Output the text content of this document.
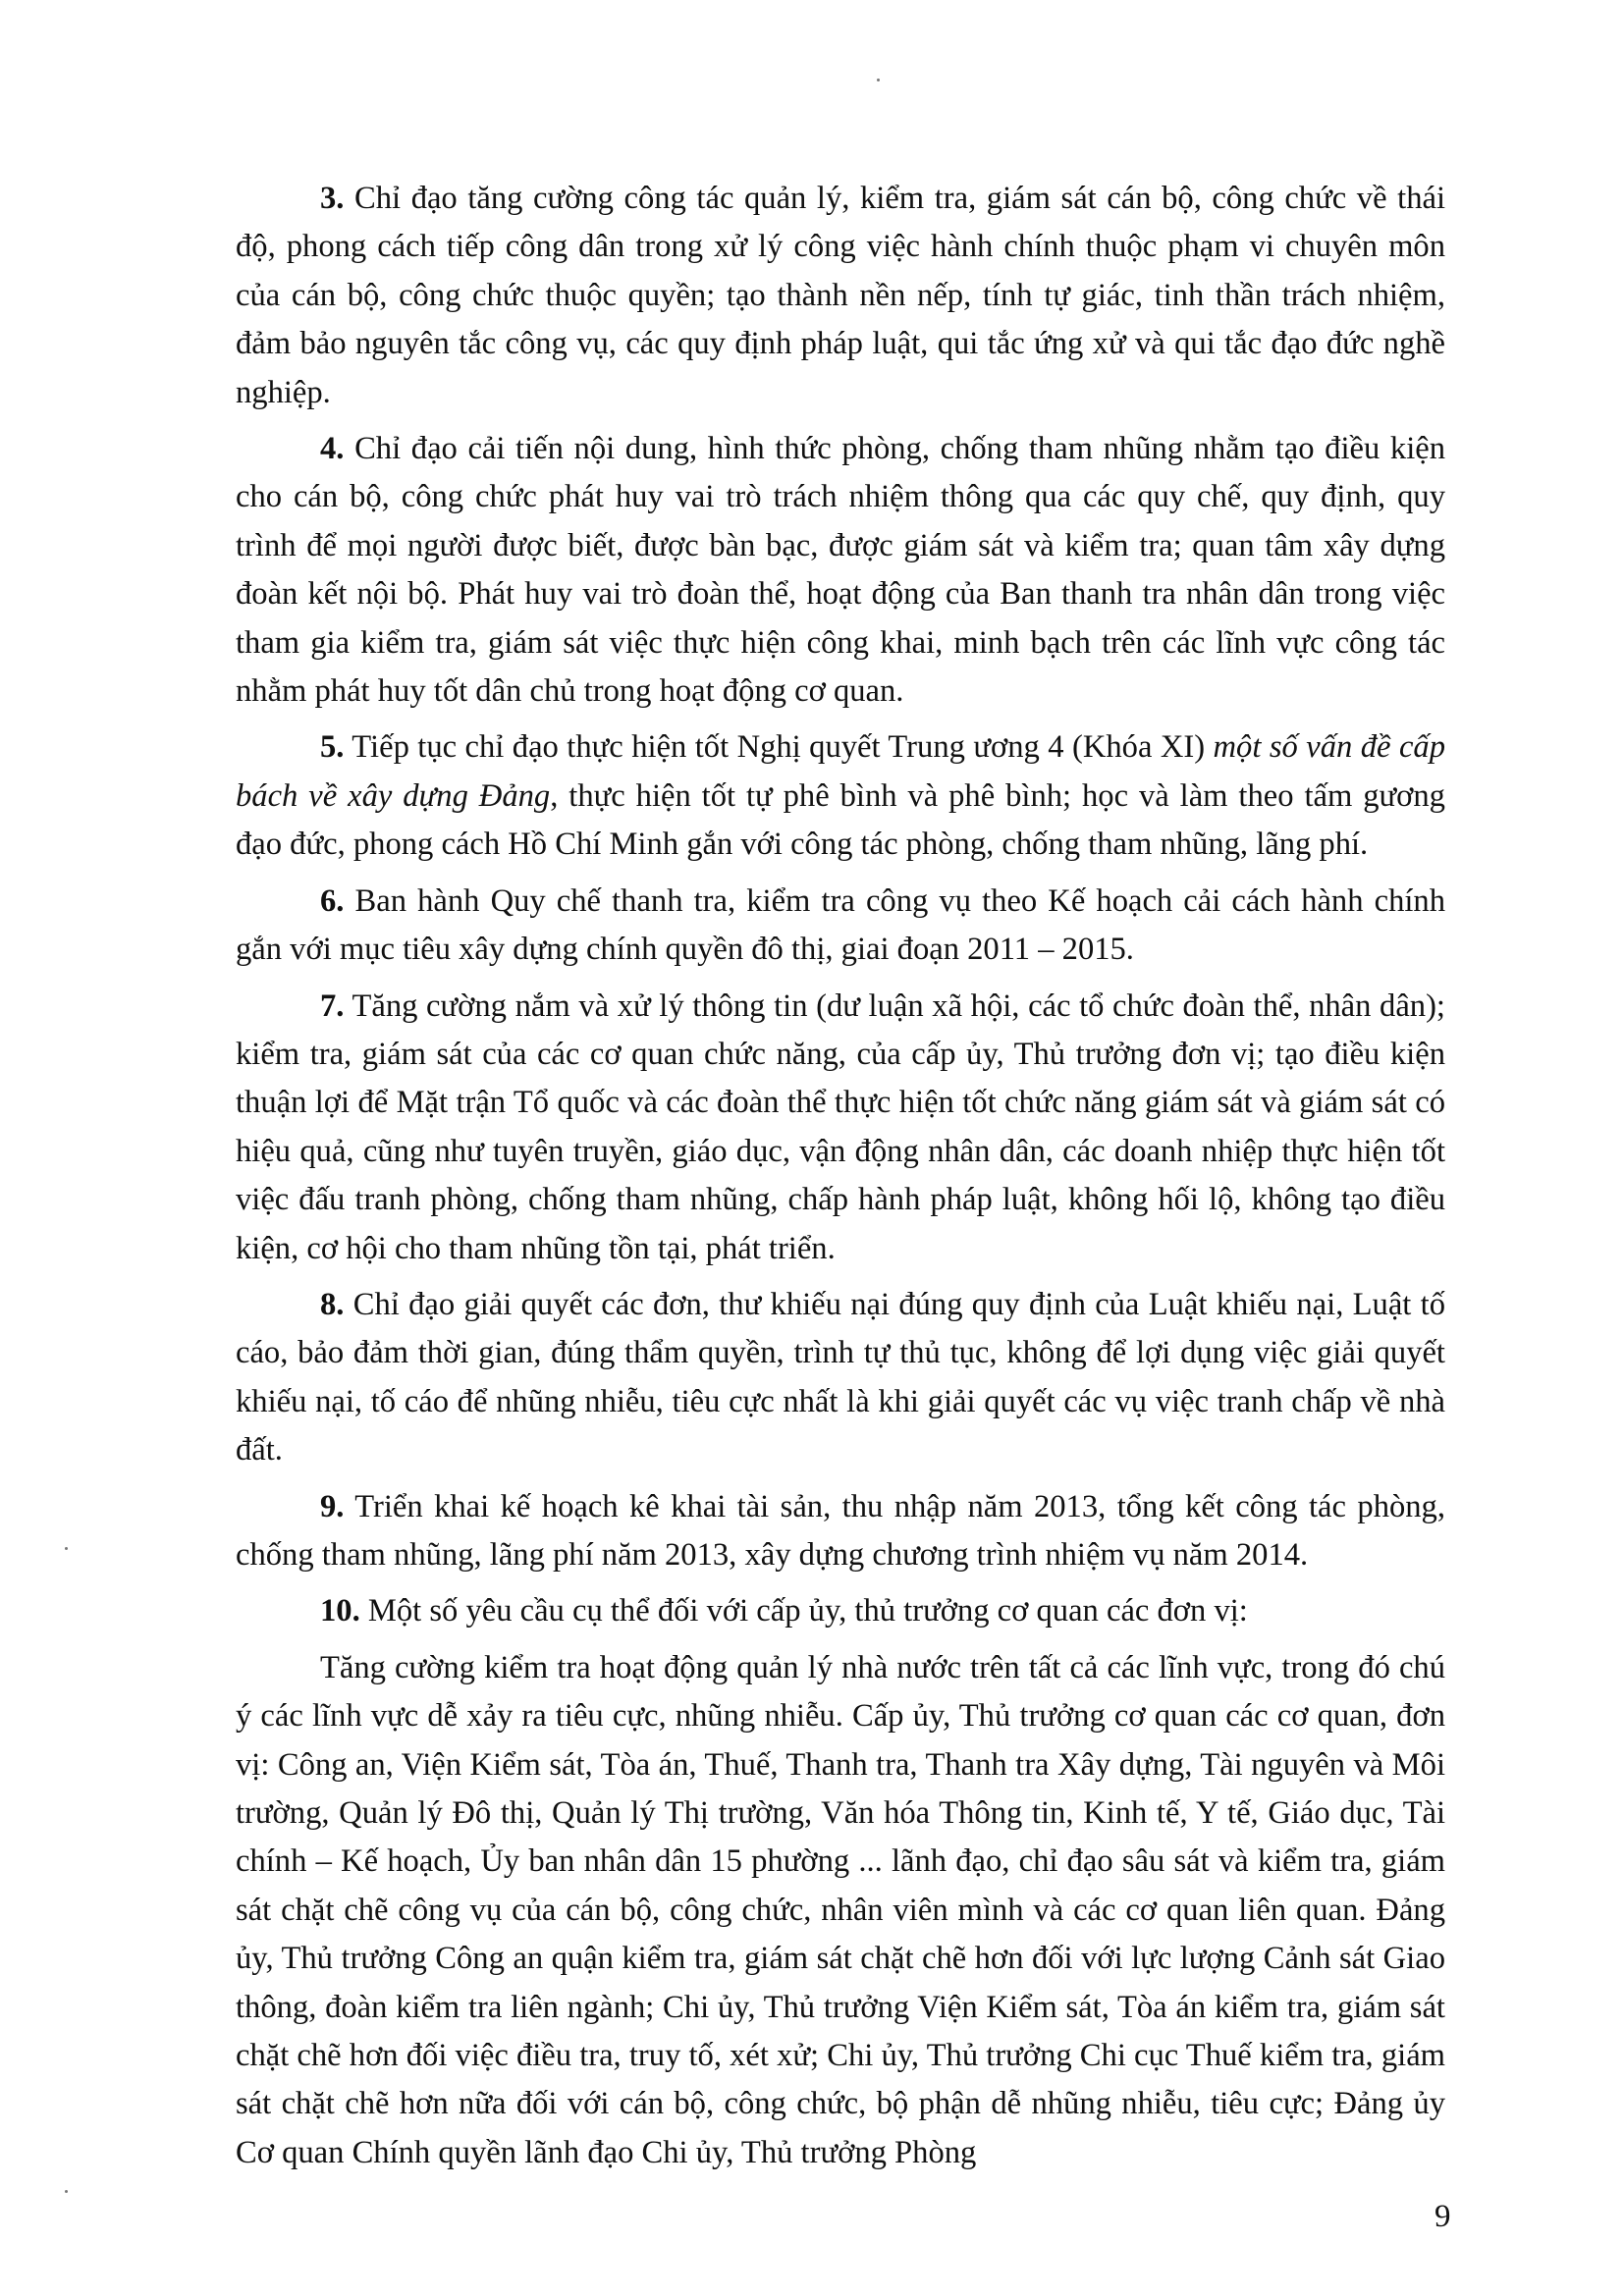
3. Chỉ đạo tăng cường công tác quản lý, kiểm tra, giám sát cán bộ, công chức về thái độ, phong cách tiếp công dân trong xử lý công việc hành chính thuộc phạm vi chuyên môn của cán bộ, công chức thuộc quyền; tạo thành nền nếp, tính tự giác, tinh thần trách nhiệm, đảm bảo nguyên tắc công vụ, các quy định pháp luật, qui tắc ứng xử và qui tắc đạo đức nghề nghiệp.

4. Chỉ đạo cải tiến nội dung, hình thức phòng, chống tham nhũng nhằm tạo điều kiện cho cán bộ, công chức phát huy vai trò trách nhiệm thông qua các quy chế, quy định, quy trình để mọi người được biết, được bàn bạc, được giám sát và kiểm tra; quan tâm xây dựng đoàn kết nội bộ. Phát huy vai trò đoàn thể, hoạt động của Ban thanh tra nhân dân trong việc tham gia kiểm tra, giám sát việc thực hiện công khai, minh bạch trên các lĩnh vực công tác nhằm phát huy tốt dân chủ trong hoạt động cơ quan.

5. Tiếp tục chỉ đạo thực hiện tốt Nghị quyết Trung ương 4 (Khóa XI) một số vấn đề cấp bách về xây dựng Đảng, thực hiện tốt tự phê bình và phê bình; học và làm theo tấm gương đạo đức, phong cách Hồ Chí Minh gắn với công tác phòng, chống tham nhũng, lãng phí.

6. Ban hành Quy chế thanh tra, kiểm tra công vụ theo Kế hoạch cải cách hành chính gắn với mục tiêu xây dựng chính quyền đô thị, giai đoạn 2011 – 2015.

7. Tăng cường nắm và xử lý thông tin (dư luận xã hội, các tổ chức đoàn thể, nhân dân); kiểm tra, giám sát của các cơ quan chức năng, của cấp ủy, Thủ trưởng đơn vị; tạo điều kiện thuận lợi để Mặt trận Tổ quốc và các đoàn thể thực hiện tốt chức năng giám sát và giám sát có hiệu quả, cũng như tuyên truyền, giáo dục, vận động nhân dân, các doanh nhiệp thực hiện tốt việc đấu tranh phòng, chống tham nhũng, chấp hành pháp luật, không hối lộ, không tạo điều kiện, cơ hội cho tham nhũng tồn tại, phát triển.

8. Chỉ đạo giải quyết các đơn, thư khiếu nại đúng quy định của Luật khiếu nại, Luật tố cáo, bảo đảm thời gian, đúng thẩm quyền, trình tự thủ tục, không để lợi dụng việc giải quyết khiếu nại, tố cáo để nhũng nhiễu, tiêu cực nhất là khi giải quyết các vụ việc tranh chấp về nhà đất.

9. Triển khai kế hoạch kê khai tài sản, thu nhập năm 2013, tổng kết công tác phòng, chống tham nhũng, lãng phí năm 2013, xây dựng chương trình nhiệm vụ năm 2014.

10. Một số yêu cầu cụ thể đối với cấp ủy, thủ trưởng cơ quan các đơn vị:

Tăng cường kiểm tra hoạt động quản lý nhà nước trên tất cả các lĩnh vực, trong đó chú ý các lĩnh vực dễ xảy ra tiêu cực, nhũng nhiễu. Cấp ủy, Thủ trưởng cơ quan các cơ quan, đơn vị: Công an, Viện Kiểm sát, Tòa án, Thuế, Thanh tra, Thanh tra Xây dựng, Tài nguyên và Môi trường, Quản lý Đô thị, Quản lý Thị trường, Văn hóa Thông tin, Kinh tế, Y tế, Giáo dục, Tài chính – Kế hoạch, Ủy ban nhân dân 15 phường ... lãnh đạo, chỉ đạo sâu sát và kiểm tra, giám sát chặt chẽ công vụ của cán bộ, công chức, nhân viên mình và các cơ quan liên quan. Đảng ủy, Thủ trưởng Công an quận kiểm tra, giám sát chặt chẽ hơn đối với lực lượng Cảnh sát Giao thông, đoàn kiểm tra liên ngành; Chi ủy, Thủ trưởng Viện Kiểm sát, Tòa án kiểm tra, giám sát chặt chẽ hơn đối việc điều tra, truy tố, xét xử; Chi ủy, Thủ trưởng Chi cục Thuế kiểm tra, giám sát chặt chẽ hơn nữa đối với cán bộ, công chức, bộ phận dễ nhũng nhiễu, tiêu cực; Đảng ủy Cơ quan Chính quyền lãnh đạo Chi ủy, Thủ trưởng Phòng

9
